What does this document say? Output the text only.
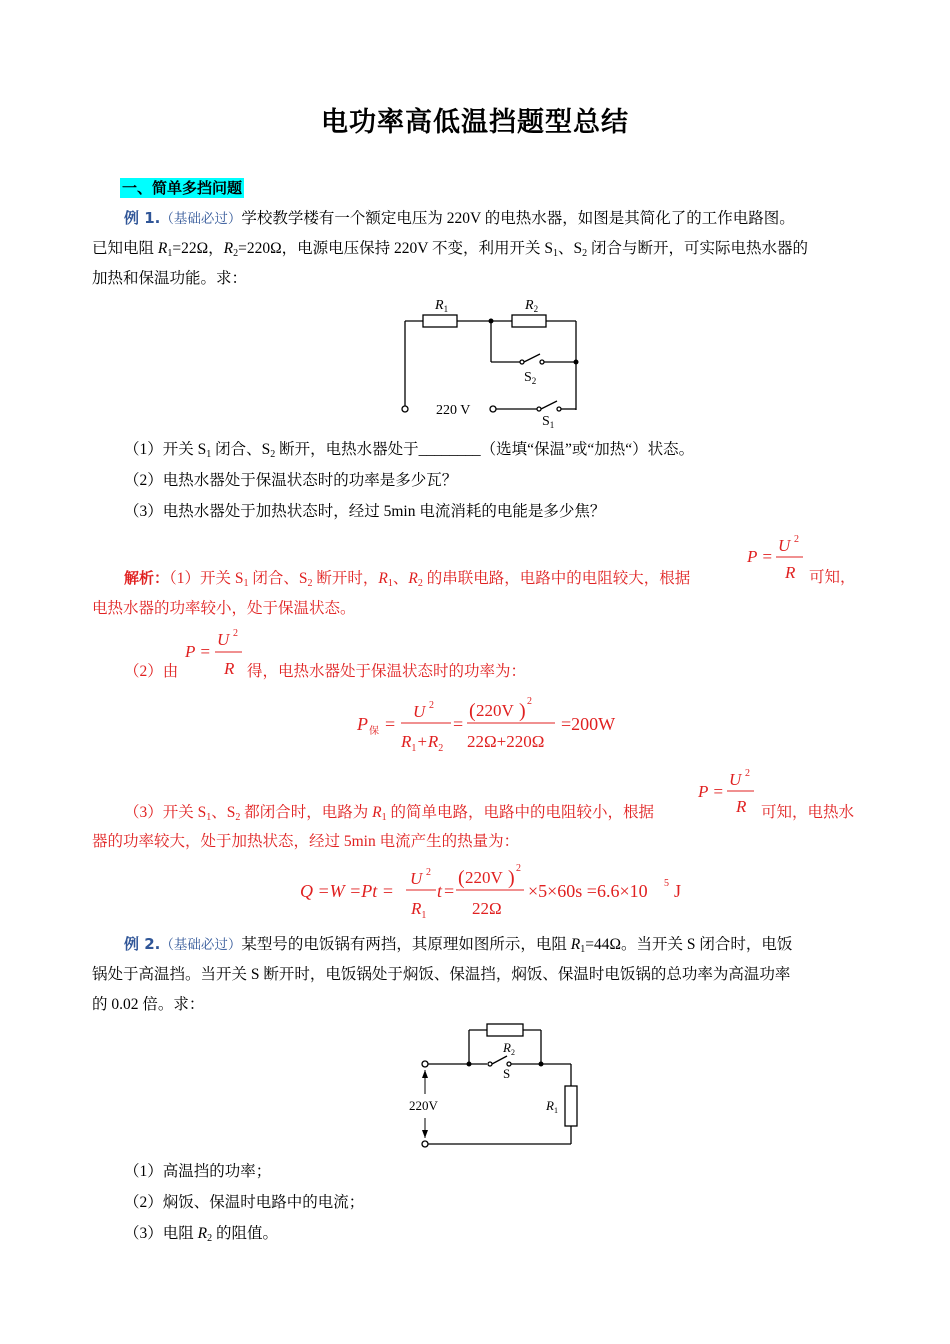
电功率高低温挡题型总结
一、简单多挡问题
例 1.（基础必过）学校教学楼有一个额定电压为 220V 的电热水器，如图是其简化了的工作电路图。
已知电阻 $R_1=22\Omega$，$R_2=220\Omega$，电源电压保持 220V 不变，利用开关 $S_1$、$S_2$ 闭合与断开，可实际电热水器的
加热和保温功能。求：
$R_1$	$R_2$
$S_2$
220 V
$S_1$
（1）开关 $S_1$ 闭合、$S_2$ 断开，电热水器处于________（选填“保温”或“加热“）状态。
（2）电热水器处于保温状态时的功率是多少瓦？
（3）电热水器处于加热状态时，经过 5min 电流消耗的电能是多少焦？
解析：（1）开关 $S_1$ 闭合、$S_2$ 断开时，$R_1$、$R_2$ 的串联电路，电路中的电阻较大，根据
P =
U 2
R 可知，
电热水器的功率较小，处于保温状态。
（2）由
P =
U 2
R 得，电热水器处于保温状态时的功率为：
P 保 =
U 2
$R_1+R_2$
=
( 220V ) 2
22Ω+220Ω
=200W
（3）开关 $S_1$、$S_2$ 都闭合时，电路为 $R_1$ 的简单电路，电路中的电阻较小，根据
P =
U 2
R 可知，电热水
器的功率较大，处于加热状态，经过 5min 电流产生的热量为：
Q =W =Pt =
U 2
$R_1$
t =
( 220V ) 2
22Ω
×5×60s =6.6×10 5 J
例 2.（基础必过）某型号的电饭锅有两挡，其原理如图所示，电阻 $R_1=44\Omega$。当开关 S 闭合时，电饭
锅处于高温挡。当开关 S 断开时，电饭锅处于焖饭、保温挡，焖饭、保温时电饭锅的总功率为高温功率
的 0.02 倍。求：
220V
$R_2$
S
$R_1$
（1）高温挡的功率；
（2）焖饭、保温时电路中的电流；
（3）电阻 $R_2$ 的阻值。
